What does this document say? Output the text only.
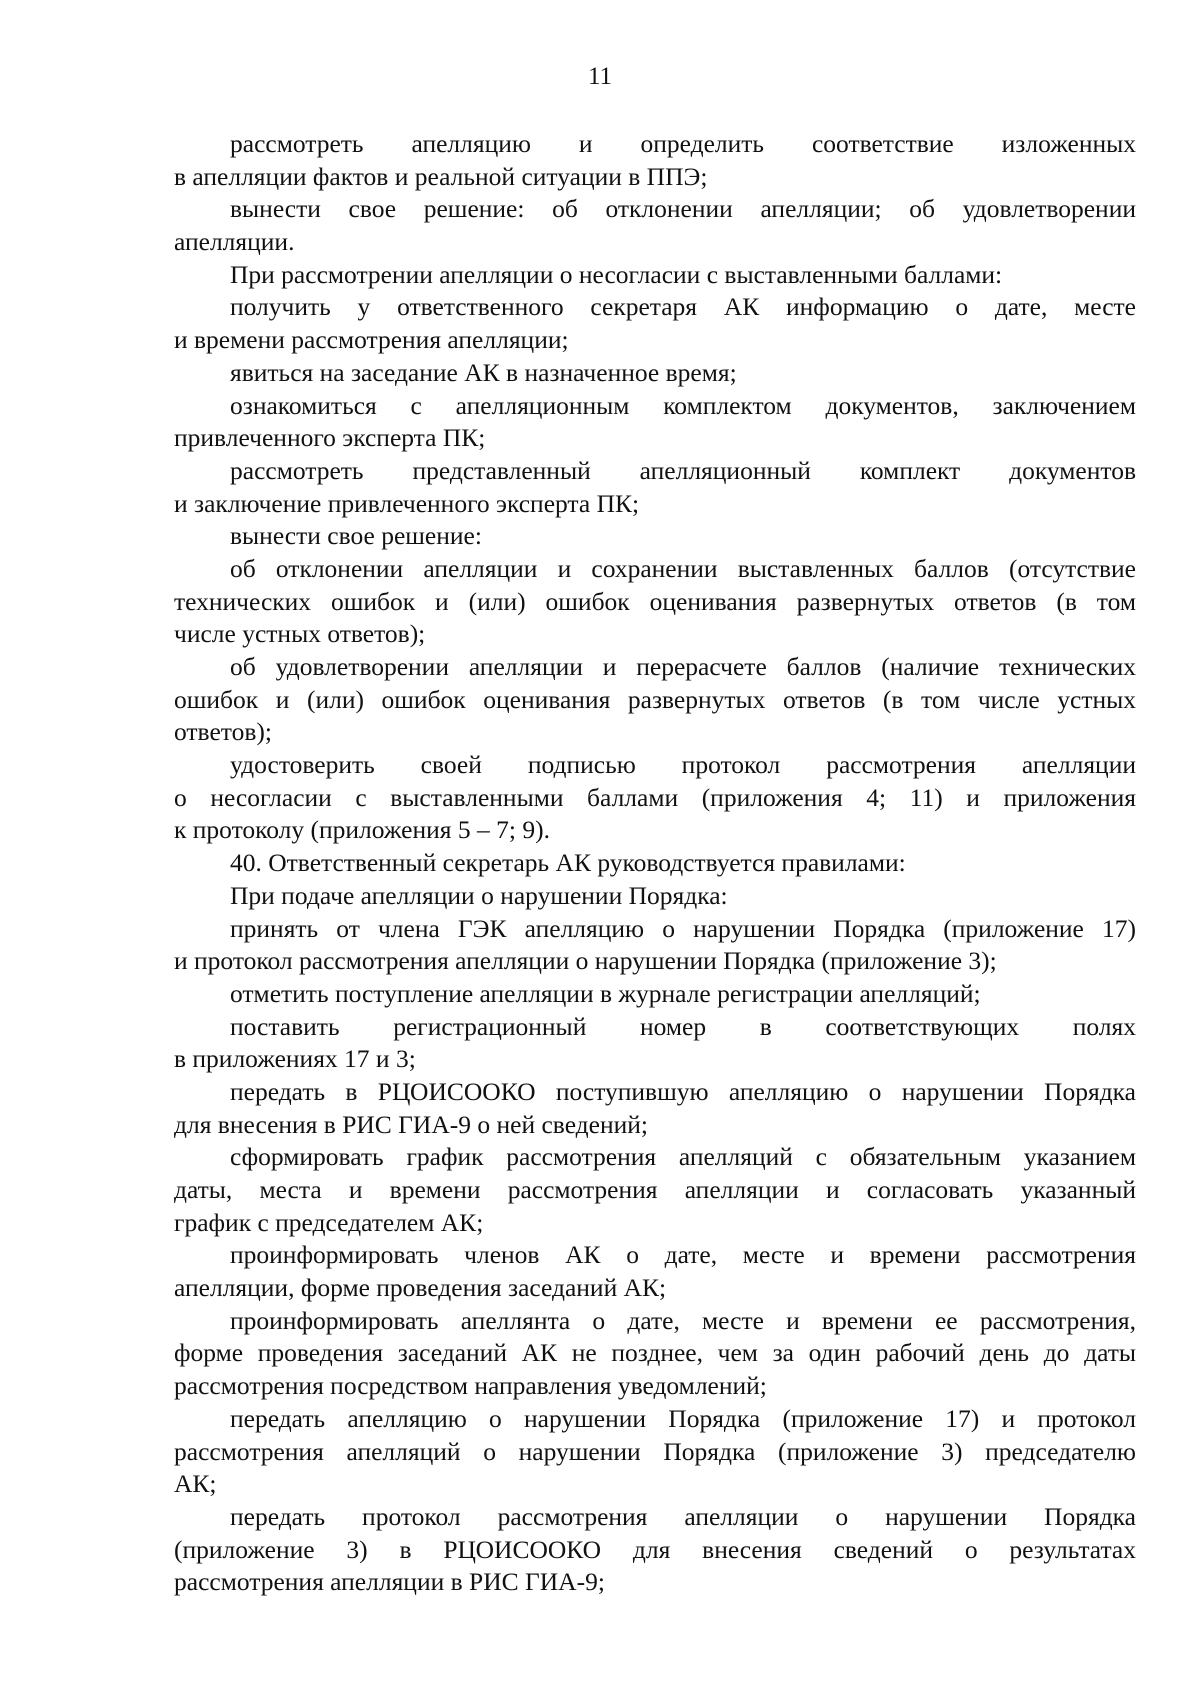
11
рассмотреть апелляцию и определить соответствие изложенных
в апелляции фактов и реальной ситуации в ППЭ;
вынести свое решение: об отклонении апелляции; об удовлетворении
апелляции.
При рассмотрении апелляции о несогласии с выставленными баллами:
получить у ответственного секретаря АК информацию о дате, месте
и времени рассмотрения апелляции;
явиться на заседание АК в назначенное время;
ознакомиться с апелляционным комплектом документов, заключением
привлеченного эксперта ПК;
рассмотреть представленный апелляционный комплект документов
и заключение привлеченного эксперта ПК;
вынести свое решение:
об отклонении апелляции и сохранении выставленных баллов (отсутствие
технических ошибок и (или) ошибок оценивания развернутых ответов (в том
числе устных ответов);
об удовлетворении апелляции и перерасчете баллов (наличие технических
ошибок и (или) ошибок оценивания развернутых ответов (в том числе устных
ответов);
удостоверить своей подписью протокол рассмотрения апелляции
о несогласии с выставленными баллами (приложения 4; 11) и приложения
к протоколу (приложения 5 – 7; 9).
40. Ответственный секретарь АК руководствуется правилами:
При подаче апелляции о нарушении Порядка:
принять от члена ГЭК апелляцию о нарушении Порядка (приложение 17)
и протокол рассмотрения апелляции о нарушении Порядка (приложение 3);
отметить поступление апелляции в журнале регистрации апелляций;
поставить регистрационный номер в соответствующих полях
в приложениях 17 и 3;
передать в РЦОИСООКО поступившую апелляцию о нарушении Порядка
для внесения в РИС ГИА-9 о ней сведений;
сформировать график рассмотрения апелляций с обязательным указанием
даты, места и времени рассмотрения апелляции и согласовать указанный
график с председателем АК;
проинформировать членов АК о дате, месте и времени рассмотрения
апелляции, форме проведения заседаний АК;
проинформировать апеллянта о дате, месте и времени ее рассмотрения,
форме проведения заседаний АК не позднее, чем за один рабочий день до даты
рассмотрения посредством направления уведомлений;
передать апелляцию о нарушении Порядка (приложение 17) и протокол
рассмотрения апелляций о нарушении Порядка (приложение 3) председателю
АК;
передать протокол рассмотрения апелляции о нарушении Порядка
(приложение 3) в РЦОИСООКО для внесения сведений о результатах
рассмотрения апелляции в РИС ГИА-9;
